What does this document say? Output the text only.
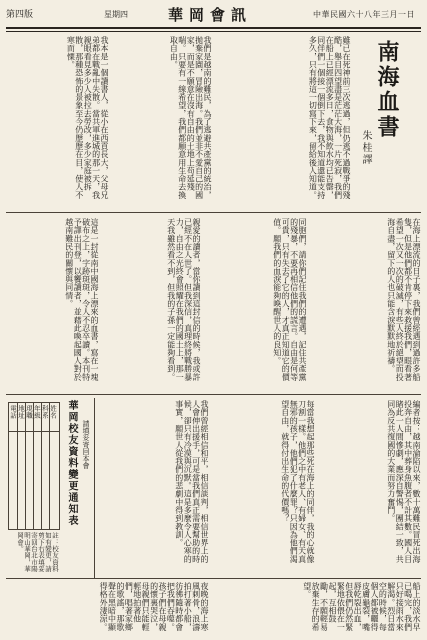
中華民國六十八年三月一日
華岡會訊
星期四
第四版
南海血書
朱桂譯
雖已在死神前三次逃過，但仍逃不過戰爭的殘酷，舉目四望盡是茫茫大海，一片死寂，我們在船上已經漂流多日，食物與飲水均已告罄，同伴們一個接一個倒下去，我不知道還能支持多久，只有將這一切寫下來，留給後人知道。
我們是越南的難民，為了逃避共產黨的統治，拋棄家園，冒險出海。我們並非不愛自己的國家，而是不願意在沒有自由的土地上苟延殘喘。只要有一線希望，我們都願意用生命去換取自由。
我本是一個讀書人，從小在西貢長大，父母兄弟都在戰亂中失散。當共軍進城的那一天，我親眼看見多少人被拉去勞改，多少家庭被拆散，那種恐怖的景象至今仍歷歷在目，使人不寒而慄。
在海上漂流的日子裏，我們曾經遇到過許多船隻，但是他們都不肯停下來救援我們，眼看著希望一次又一次的破滅，有些人終於絕望而投海自盡，留下的人也只能含淚默默地祈禱。
同胞們，請你們記住我們的遭遇，記住共產黨的殘暴，不要再相信他們的謊言。自由是何等可貴，只有失去了它的人，才真正知道它的價值。願我們的血淚能夠喚醒世人的良知。
親愛的讀者，當你讀到這封信的時候，我或許已經不在人世了。但我深信，真理終將戰勝暴力，自由之光終會照耀在我們的國土上，那一天我雖然看不到，但我的子孫一定能夠看到。
這是一封從南中國海上漂來的血書，寫在一塊破布之上，字跡斑斑，令人不忍卒讀。本刊特予譯出刊登，以饗讀者，並藉此喚起國人對於越南難民的關懷與同情。
編者按：越南淪陷以來，數十萬難民冒死出海投奔自由，其中葬身魚腹者不計其數。國人目睹此一人間慘劇，應深自警惕，團結一致，共同為反共復國的大業而努力奮鬥。
每當我想起那些死在海上的同伴，我的心就像刀割一樣。他們之中有老人、有婦女、有天真無邪的孩子，他們犯了什麼罪？只因為他們渴望自由，就得付出生命的代價嗎？
我們曾經相信和平，相信談判，相信世界上的人會伸出援手，可是當我們真正需要幫助的時候，卻只有冷漠與沉默。這是多麼令人心寒的事實，願世人從我們的悲劇中得到教訓。
華岡校友資料變更通知表 請填妥寄回本會
姓名
科系
年級
現職
地址
電話
註：校友資料如有變更，請剪下右表填妥寄回台北市陽明山華岡，華岡會。
船上的淡水早已喝完，我們只好接雨水來解渴。烈日當空的時候，每個人都被曬得皮膚龜裂，嘴唇乾裂出血，但我們仍然緊緊地依偎在一起，互相鼓勵，不願輕易放棄生存的希望。
夜晚的海上寒風刺骨，浪濤拍打著小船，彷彿隨時都會把我們吞噬。孩子們在母親的懷裏哭泣，母親們只能輕輕地拍著他們，唱著家鄉的歌謠，那歌聲在黑暗中顯得格外淒涼。
